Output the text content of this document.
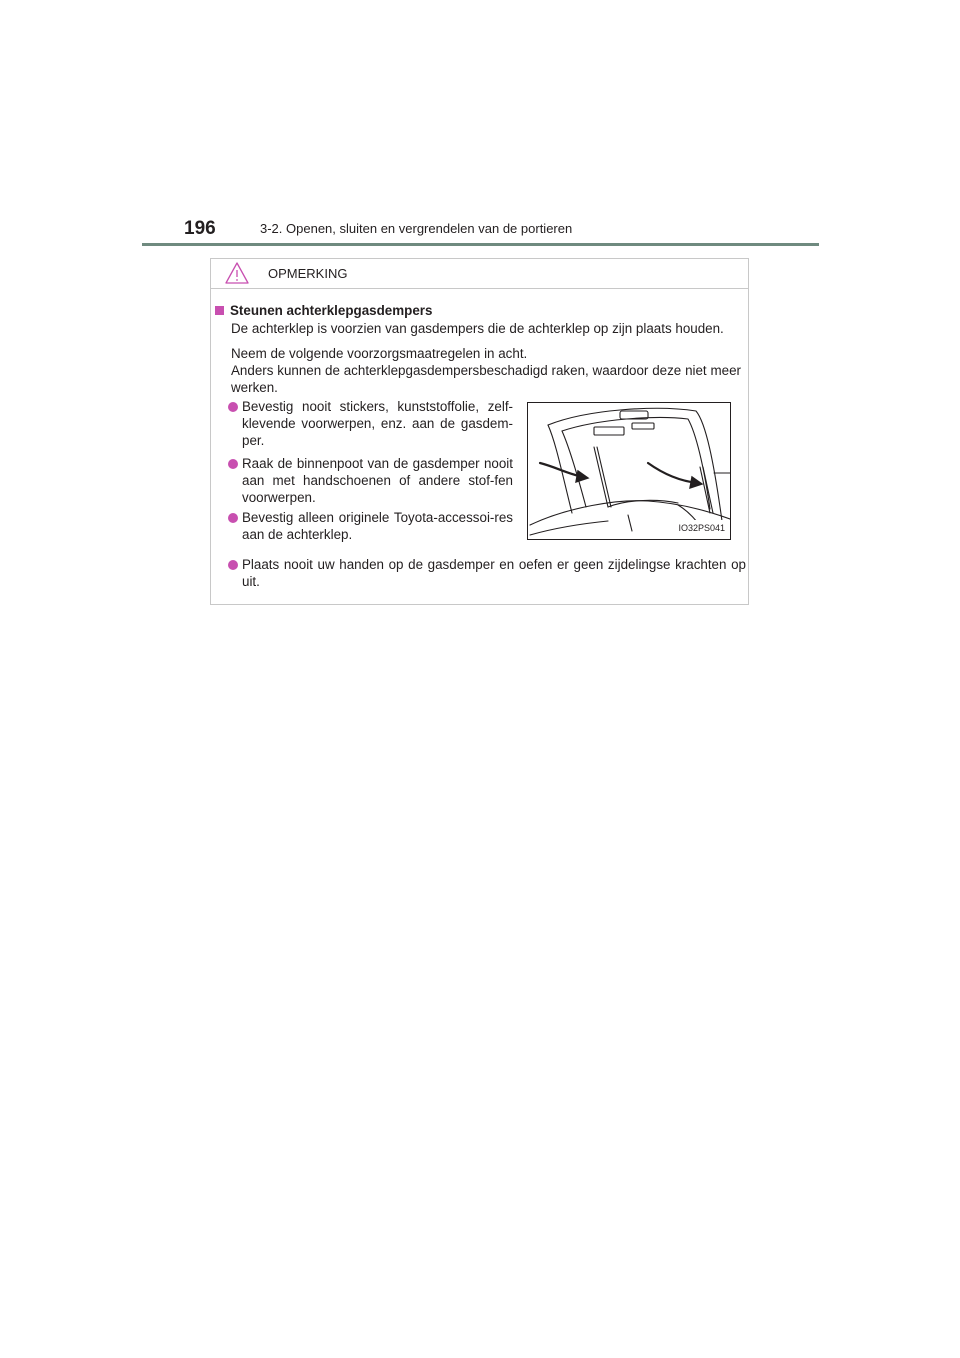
196	3-2. Openen, sluiten en vergrendelen van de portieren
OPMERKING
Steunen achterklepgasdempers
De achterklep is voorzien van gasdempers die de achterklep op zijn plaats houden.
Neem de volgende voorzorgsmaatregelen in acht.
Anders kunnen de achterklepgasdempersbeschadigd raken, waardoor deze niet meer werken.
Bevestig nooit stickers, kunststoffolie, zelf-klevende voorwerpen, enz. aan de gasdem-per.
Raak de binnenpoot van de gasdemper nooit aan met handschoenen of andere stof-fen voorwerpen.
Bevestig alleen originele Toyota-accessoi-res aan de achterklep.
Plaats nooit uw handen op de gasdemper en oefen er geen zijdelingse krachten op uit.
IO32PS041
